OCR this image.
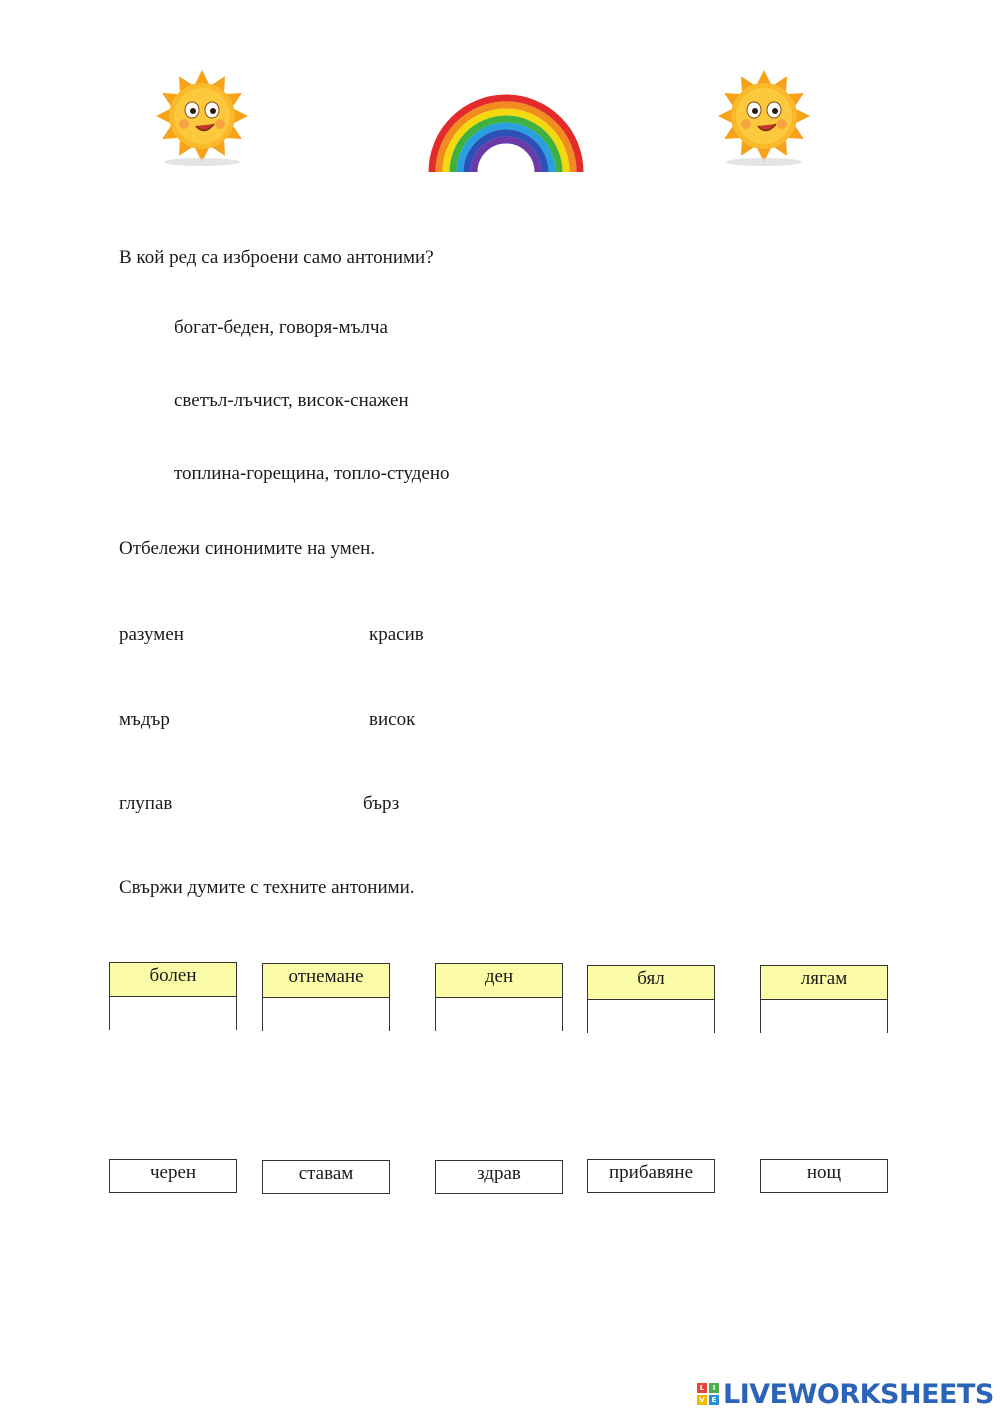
В кой ред са изброени само антоними?
богат-беден, говоря-мълча
светъл-лъчист, висок-снажен
топлина-горещина, топло-студено
Отбележи синонимите на умен.
разумен	красив
мъдър	висок
глупав	бърз
Свържи думите с техните антоними.
болен	отнемане	ден	бял	лягам
черен	ставам	здрав	прибавяне	нощ
L	I
V E LIVEWORKSHEETS
